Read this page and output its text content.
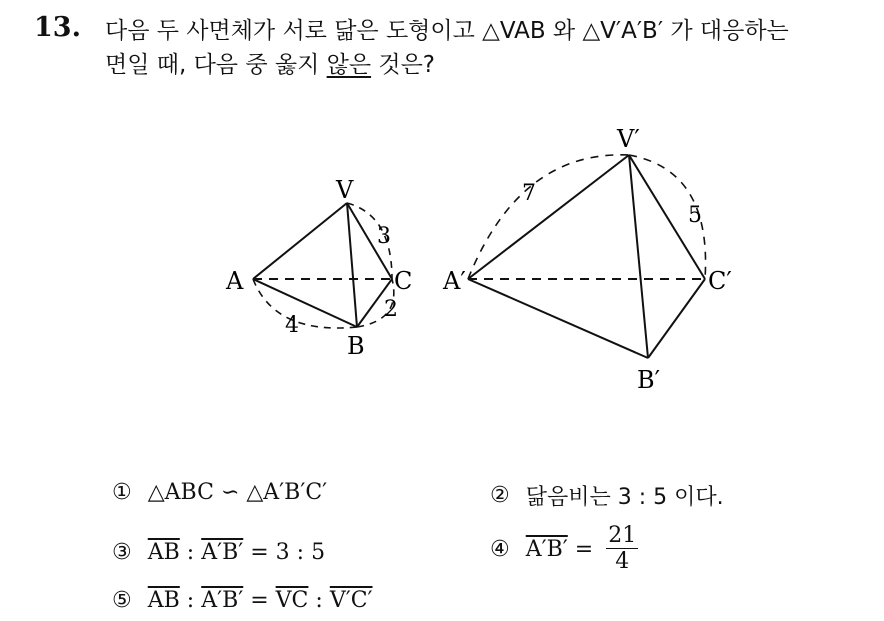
13. 다음 두 사면체가 서로 닮은 도형이고 △VAB 와 △V′A′B′ 가 대응하는
면일 때, 다음 중 옳지 않은 것은?
V
A
B
C
3
4
2
V′
A′
B′
C′
7
5
① △ABC ∽ △A′B′C′	② 닮음비는 3 : 5 이다.
③ $\overline{AB}$ : A′B′ = 3 : 5	④ $A'B' = \frac{21}{4}$
⑤ $\overline{AB}$ : $A'B' = \overline{VC}$ : V′C′
